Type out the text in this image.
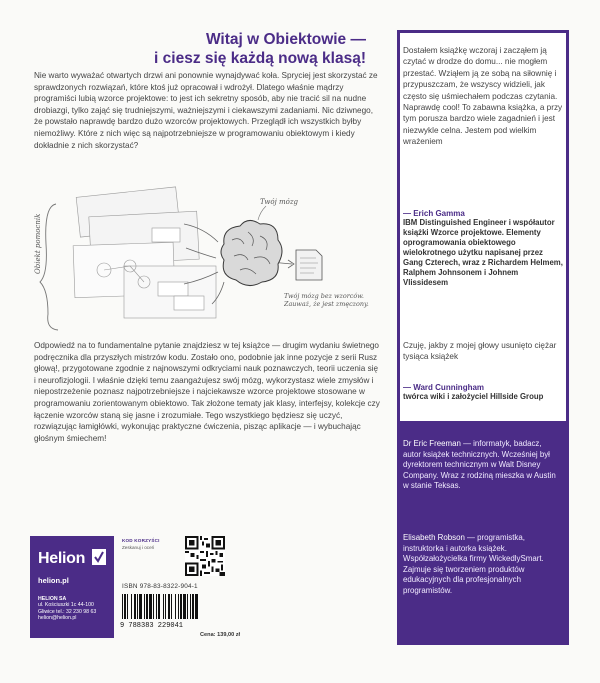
Witaj w Obiektowie —
i ciesz się każdą nową klasą!
Nie warto wyważać otwartych drzwi ani ponownie wynajdywać koła. Spryciej jest skorzystać ze sprawdzonych rozwiązań, które ktoś już opracował i wdrożył. Dlatego właśnie mądrzy programiści lubią wzorce projektowe: to jest ich sekretny sposób, aby nie tracić sil na nudne drobiazgi, tylko zająć się trudniejszymi, ważniejszymi i ciekawszymi zadaniami. Nic dziwnego, że powstało naprawdę bardzo dużo wzorców projektowych. Przeglądł ich wszystkich byłby niemożliwy. Które z nich więc są najpotrzebniejsze w programowaniu obiektowym i kiedy dokładnie z nich skorzystać?
Obiekt pomocnik
Twój mózg
Twój mózg bez wzorców. Zauważ, że jest zmęczony.
Odpowiedź na to fundamentalne pytanie znajdziesz w tej książce — drugim wydaniu świetnego podręcznika dla przyszłych mistrzów kodu. Zostało ono, podobnie jak inne pozycje z serii Rusz głową!, przygotowane zgodnie z najnowszymi odkryciami nauk poznawczych, teorii uczenia się i neurofizjologii. I właśnie dzięki temu zaangażujesz swój mózg, wykorzystasz wiele zmysłów i niepostrzeżenie poznasz najpotrzebniejsze i najciekawsze wzorce projektowe stosowane w programowaniu zorientowanym obiektowo. Tak złożone tematy jak klasy, interfejsy, kolekcje czy łączenie wzorców staną się jasne i zrozumiałe. Tego wszystkiego będziesz się uczyć, rozwiązując łamigłówki, wykonując praktyczne ćwiczenia, pisząc aplikacje — i wybuchając głośnym śmiechem!
Dostałem książkę wczoraj i zacząłem ją czytać w drodze do domu... nie mogłem przestać. Wziąłem ją ze sobą na siłownię i przypuszczam, że wszyscy widzieli, jak często się uśmiechałem podczas czytania. Naprawdę cool! To zabawna książka, a przy tym porusza bardzo wiele zagadnień i jest niezwykle celna. Jestem pod wielkim wrażeniem
— Erich Gamma
IBM Distinguished Engineer i współautor książki Wzorce projektowe. Elementy oprogramowania obiektowego wielokrotnego użytku napisanej przez Gang Czterech, wraz z Richardem Helmem, Ralphem Johnsonem i Johnem Vlissidesem
Czuję, jakby z mojej głowy usunięto ciężar tysiąca książek
— Ward Cunningham
twórca wiki i założyciel Hillside Group
Dr Eric Freeman — informatyk, badacz, autor książek technicznych. Wcześniej był dyrektorem technicznym w Walt Disney Company. Wraz z rodziną mieszka w Austin w stanie Teksas.
Elisabeth Robson — programistka, instruktorka i autorka książek. Współzałożycielka firmy WickedlySmart. Zajmuje się tworzeniem produktów edukacyjnych dla profesjonalnych programistów.
Helion
helion.pl
HELION SA
ul. Kościuszki 1c 44-100 Gliwice tel.: 32 230 98 63 helion@helion.pl
KOD KORZYŚCI
Zeskanuj i oceń
ISBN 978-83-8322-904-1
9 788383 229041
Cena: 139,00 zł
